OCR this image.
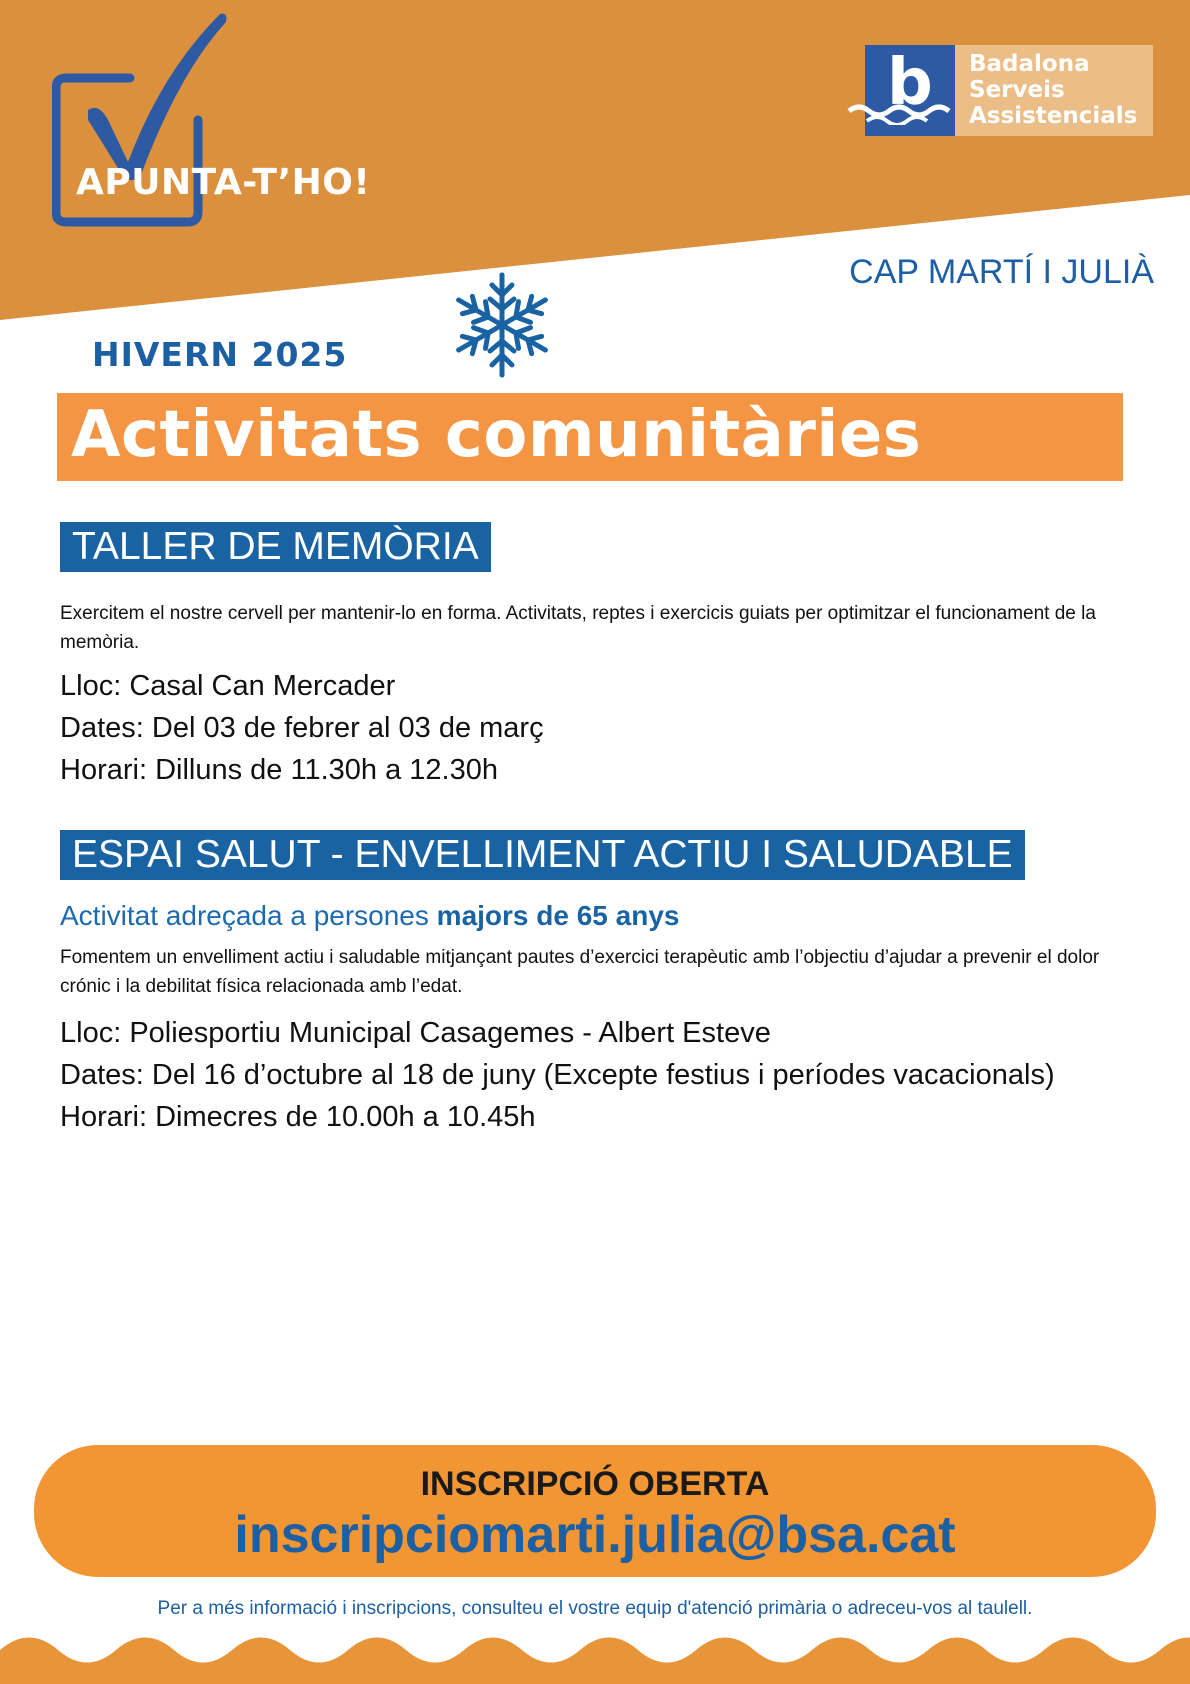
APUNTA-T’HO!
b	Badalona
Serveis
Assistencials
CAP MARTÍ I JULIÀ
HIVERN 2025
Activitats comunitàries
TALLER DE MEMÒRIA
Exercitem el nostre cervell per mantenir-lo en forma. Activitats, reptes i exercicis guiats per optimitzar el funcionament de la memòria.
Lloc: Casal Can Mercader
Dates: Del 03 de febrer al 03 de març
Horari: Dilluns de 11.30h a 12.30h
ESPAI SALUT - ENVELLIMENT ACTIU I SALUDABLE
Activitat adreçada a persones majors de 65 anys
Fomentem un envelliment actiu i saludable mitjançant pautes d’exercici terapèutic amb l’objectiu d’ajudar a prevenir el dolor crónic i la debilitat física relacionada amb l’edat.
Lloc: Poliesportiu Municipal Casagemes - Albert Esteve
Dates: Del 16 d’octubre al 18 de juny (Excepte festius i períodes vacacionals)
Horari: Dimecres de 10.00h a 10.45h
INSCRIPCIÓ OBERTA
inscripciomarti.julia@bsa.cat
Per a més informació i inscripcions, consulteu el vostre equip d'atenció primària o adreceu-vos al taulell.
